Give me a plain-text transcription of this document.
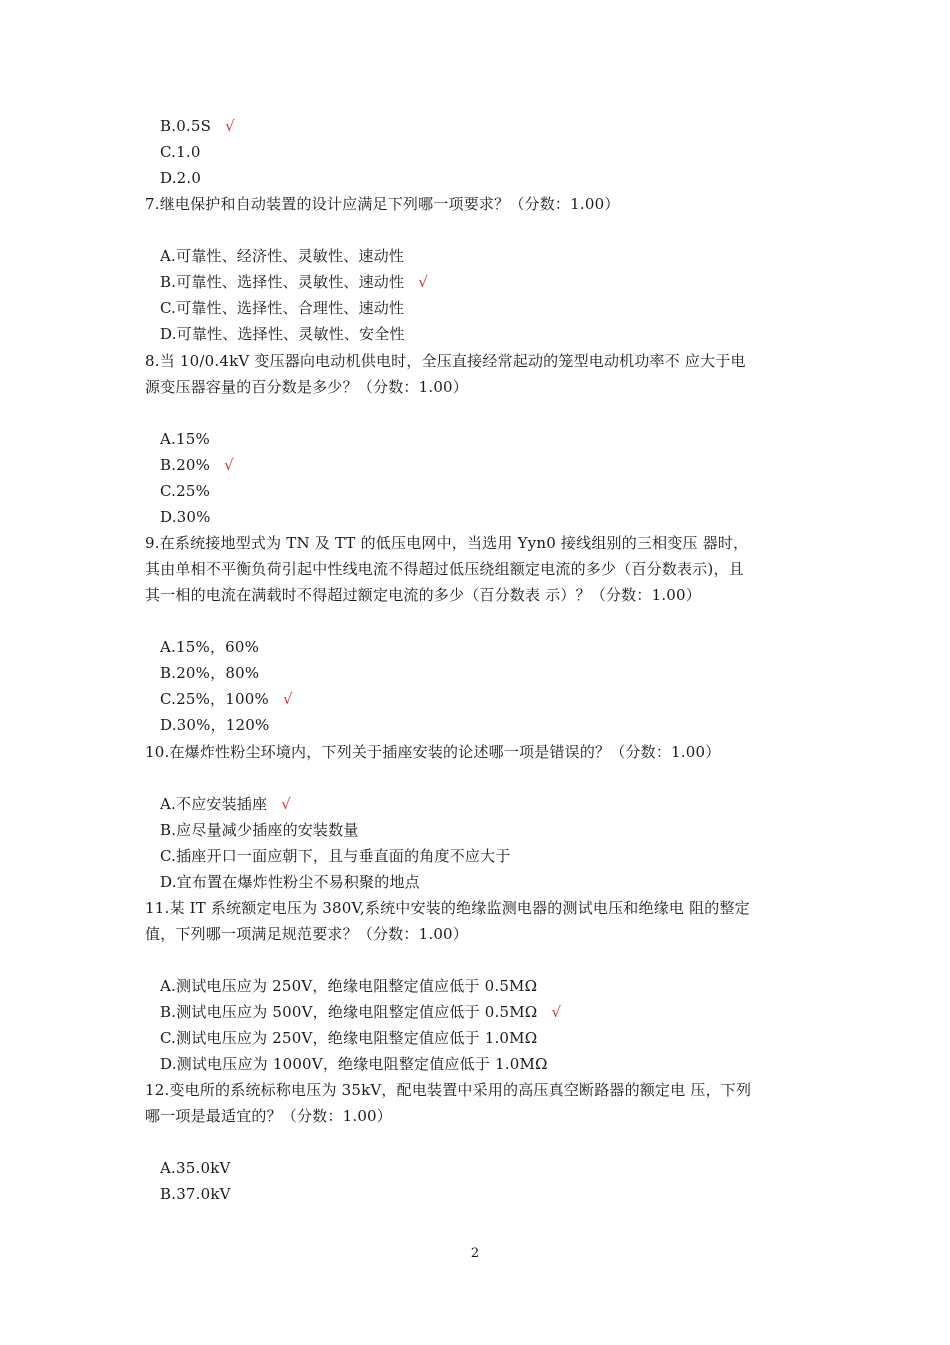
B.0.5S √
C.1.0
D.2.0
7.继电保护和自动装置的设计应满足下列哪一项要求？（分数：1.00）
A.可靠性、经济性、灵敏性、速动性
B.可靠性、选择性、灵敏性、速动性 √
C.可靠性、选择性、合理性、速动性
D.可靠性、选择性、灵敏性、安全性
8.当 10/0.4kV 变压器向电动机供电时，全压直接经常起动的笼型电动机功率不 应大于电
源变压器容量的百分数是多少？（分数：1.00）
A.15%
B.20% √
C.25%
D.30%
9.在系统接地型式为 TN 及 TT 的低压电网中，当选用 Yyn0 接线组别的三相变压 器时，
其由单相不平衡负荷引起中性线电流不得超过低压绕组额定电流的多少（百分数表示)，且
其一相的电流在满载时不得超过额定电流的多少（百分数表 示）？（分数：1.00）
A.15%，60%
B.20%，80%
C.25%，100% √
D.30%，120%
10.在爆炸性粉尘环境内，下列关于插座安装的论述哪一项是错误的？（分数：1.00）
A.不应安装插座 √
B.应尽量减少插座的安装数量
C.插座开口一面应朝下，且与垂直面的角度不应大于
D.宜布置在爆炸性粉尘不易积聚的地点
11.某 IT 系统额定电压为 380V,系统中安装的绝缘监测电器的测试电压和绝缘电 阻的整定
值，下列哪一项满足规范要求？（分数：1.00）
A.测试电压应为 250V，绝缘电阻整定值应低于 0.5MΩ
B.测试电压应为 500V，绝缘电阻整定值应低于 0.5MΩ √
C.测试电压应为 250V，绝缘电阻整定值应低于 1.0MΩ
D.测试电压应为 1000V，绝缘电阻整定值应低于 1.0MΩ
12.变电所的系统标称电压为 35kV，配电装置中采用的高压真空断路器的额定电 压，下列
哪一项是最适宜的？（分数：1.00）
A.35.0kV
B.37.0kV
2
